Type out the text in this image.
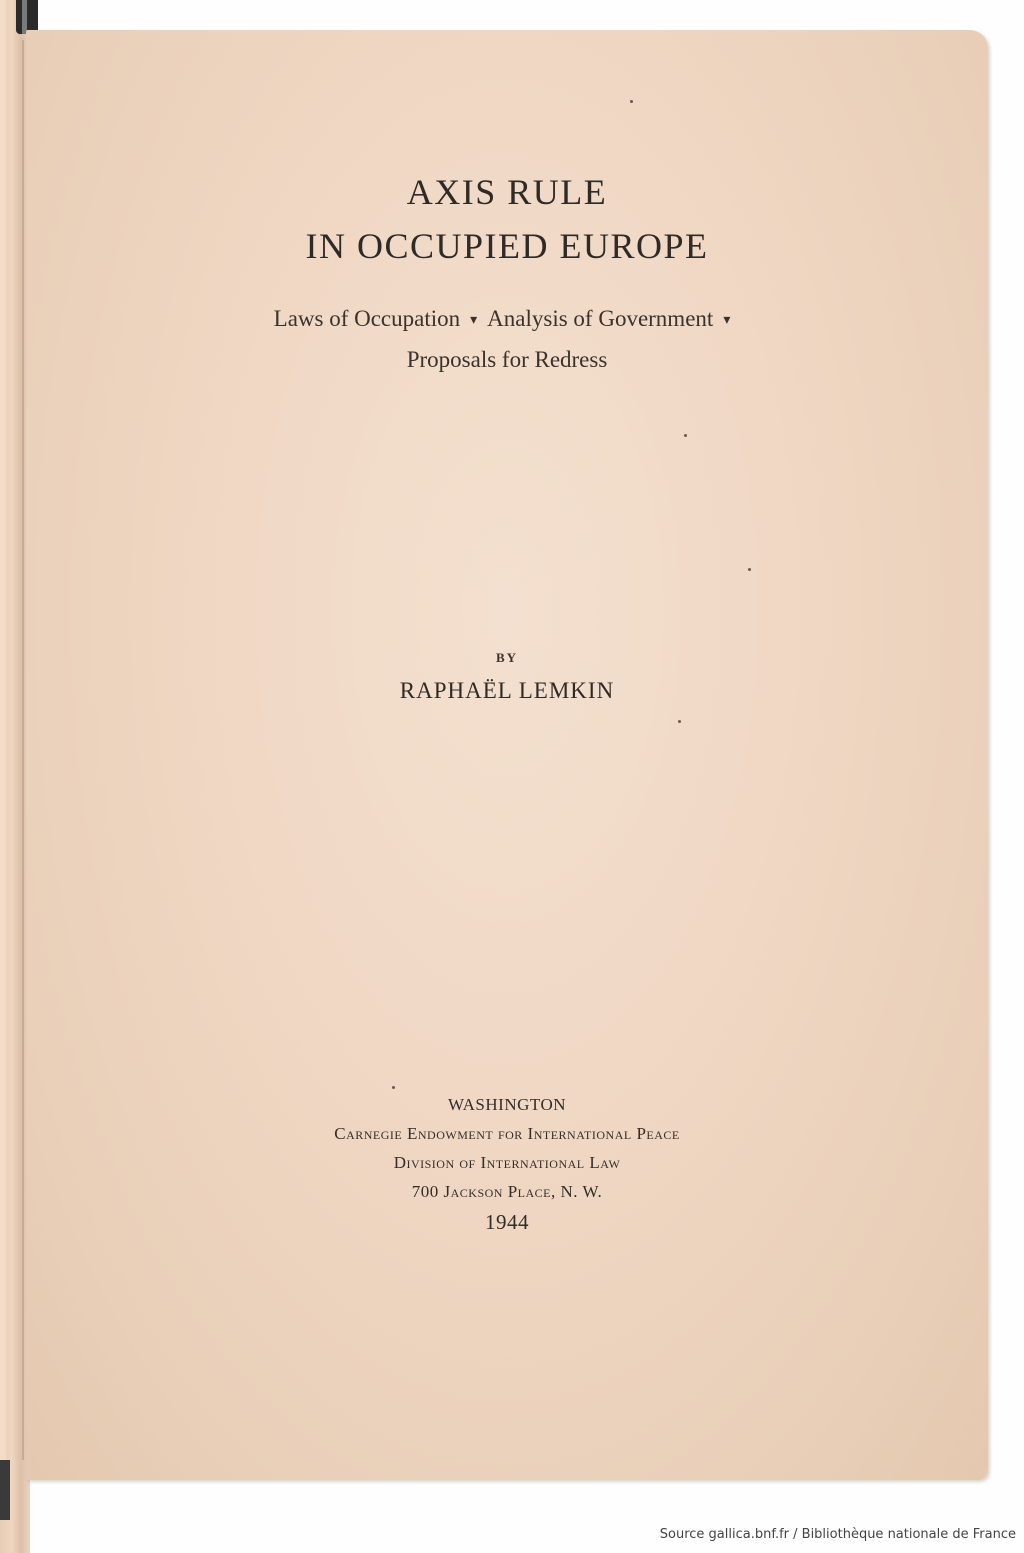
AXIS RULE
IN OCCUPIED EUROPE
Laws of Occupation ▾ Analysis of Government ▾
Proposals for Redress
BY
RAPHAËL LEMKIN
WASHINGTON
Carnegie Endowment for International Peace
Division of International Law
700 Jackson Place, N. W.
1944
Source gallica.bnf.fr / Bibliothèque nationale de France
